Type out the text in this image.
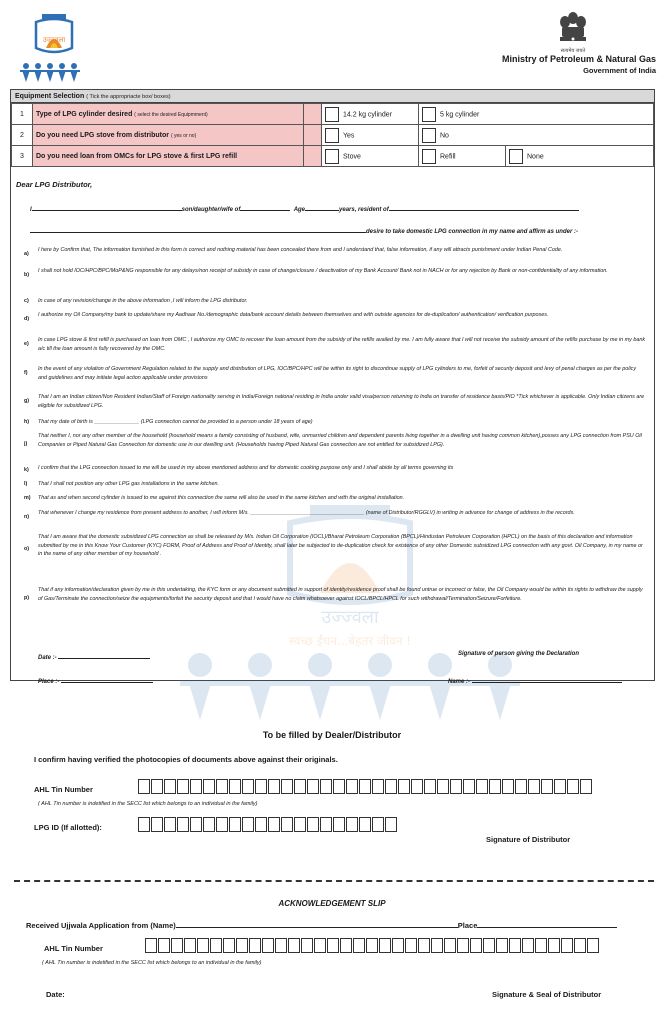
उज्ज्वला
सत्यमेव जयते
Ministry of Petroleum & Natural Gas
Government of India
उज्ज्वला
स्वच्छ ईंधन...बेहतर जीवन !
Equipment Selection ( Tick the appropriacte box/ boxes)
1	Type of LPG cylinder desired ( select the desired Equipmment)		14.2 kg cylinder	5 kg cylinder	
2	Do you need LPG stove from distributor ( yes or no)		Yes	No	
3	Do you need loan from OMCs for LPG stove & first LPG refill		Stove	Refill	None
Dear LPG Distributor,
I	son/daughter/wife of	Age	years, resident of
desire to take domestic LPG connection in my name and affirm as under :-
a)
I here by Confirm that, The information furnished in this form is correct and nothing material has been concealed there from and I understand that, false information, if any will attracts punishment under Indian Penal Code.
b)
I shall not hold IOC/HPC/BPC/MoP&NG responsible for any delays/non receipt of subsidy in case of change/closure / deactivation of my Bank Account/ Bank not in NACH or for any rejection by Bank or non-confidentiality of any information.
c) In case of any revision/change in the above information ,I will inform the LPG distributor.
d)
I authorize my Oil Company/my bank to update/share my Aadhaar No./demographic data/bank account details between themselves and with outside agencies for de-duplication/ authentication/ verification purposes.
e)
In case LPG stove & first refill is purchased on loan from OMC , I authorize my OMC to recover the loan amount from the subsidy of the refills availed by me. I am fully aware that I will not receive the subsidy amount of the refills purchase by me in my bank a/c till the loan amount is fully recovered by the OMC.
f)
In the event of any violation of Government Regulation related to the supply and distribution of LPG, IOC/BPC/HPC will be within its right to discontinue supply of LPG cylinders to me, forfeit of security deposit and levy of penal charges as per the policy and guidelines and may initiate legal action applicable under provisions
g)
That I am an Indian citizen/Non Resident Indian/Staff of Foreign nationality serving in India/Foreign national residing in India under valid visa/person returning to India on transfer of residence basis/PIO *Tick whichever is applicable. Only Indian citizens are eligible for subsidized LPG.
h) That my date of birth is _______________ (LPG connection cannot be provided to a person under 18 years of age)
j)
That neither I, nor any other member of the household (household means a family consisting of husband, wife, unmarried children and dependent parents living together in a dwelling unit having common kitchen),posses any LPG connection from PSU Oil Companies or Piped Natural Gas Connection for domestic use in our dwelling unit. (Households having Piped Natural Gas connection are not entitled for subsidized LPG).
k) I confirm that the LPG connection issued to me will be used in my above mentioned address and for domestic cooking purpose only and I shall abide by all terms governing its
l) That I shall not position any other LPG gas installations in the same kitchen.
m) That as and when second cylinder is issued to me against this connection the same will also be used in the same kitchen and with the original installation.
n)
That whenever I change my residence from present address to another, I will inform M/s. ______________________________________ (name of Distributor/RGGLV) in writing in advance for change of address in the records.
o)
That I am aware that the domestic subsidized LPG connection as shall be released by M/s. Indian Oil Corporation (IOCL)/Bharat Petroleum Corporation (BPCL)/Hindustan Petroleum Corporation (HPCL) on the basis of this declaration and information submitted by me in this Know Your Customer (KYC) FORM, Proof of Address and Proof of Identity, shall later be subjected to de-duplication check for existence of any other Domestic subsidized LPG connection with any govt. Oil Company, in my name or in the name of any other member of my household .
p)
That if any information/declaration given by me in this undertaking, the KYC form or any document submitted in support of identity/residence proof shall be found untrue or incorrect or false, the Oil Company would be within its rights to withdraw the supply of Gas/Terminate the connection/seize the equipments/forfeit the security deposit and that I would have no claim whatsoever against IOCL/BPCL/HPCL for such withdrawal/Termination/Seizure/Forfeiture.
Date :-
Signature of person giving the Declaration
Place :-	Name :-
To be filled by Dealer/Distributor
I confirm having verified the photocopies of documents above against their originals.
AHL Tin Number
( AHL Tin number is indetified in the SECC list which belongs to an individual in the family)
LPG ID (If allotted):
Signature of Distributor
ACKNOWLEDGEMENT SLIP
Received Ujjwala Application from (Name)	Place
AHL Tin Number
( AHL Tin number is indetified in the SECC list which belongs to an individual in the family)
Date:	Signature & Seal of Distributor
